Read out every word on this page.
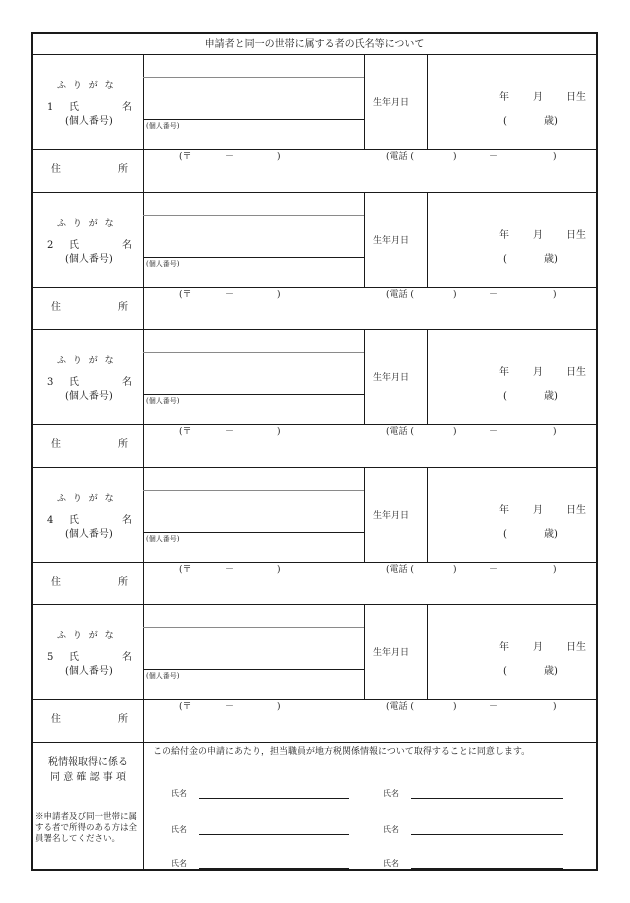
申請者と同一の世帯に属する者の氏名等について
ふ り が な
1 氏	名
(個人番号)	(個人番号)
生年月日	年 月 日生
(	歳)
住	所
(〒	－	)	(電話 (	)	－	)
ふ り が な
2 氏	名
(個人番号)	(個人番号)
生年月日	年 月 日生
(	歳)
住	所
(〒	－	)	(電話 (	)	－	)
ふ り が な
3 氏	名
(個人番号)	(個人番号)
生年月日	年 月 日生
(	歳)
住	所
(〒	－	)	(電話 (	)	－	)
ふ り が な
4 氏	名
(個人番号)	(個人番号)
生年月日	年 月 日生
(	歳)
住	所
(〒	－	)	(電話 (	)	－	)
ふ り が な
5 氏	名
(個人番号)	(個人番号)
生年月日	年 月 日生
(	歳)
住	所
(〒	－	)	(電話 (	)	－	)
税情報取得に係る
同 意 確 認 事 項
※申請者及び同一世帯に属する者で所得のある方は全員署名してください。
この給付金の申請にあたり，担当職員が地方税関係情報について取得することに同意します。
氏名	氏名
氏名	氏名
氏名	氏名
